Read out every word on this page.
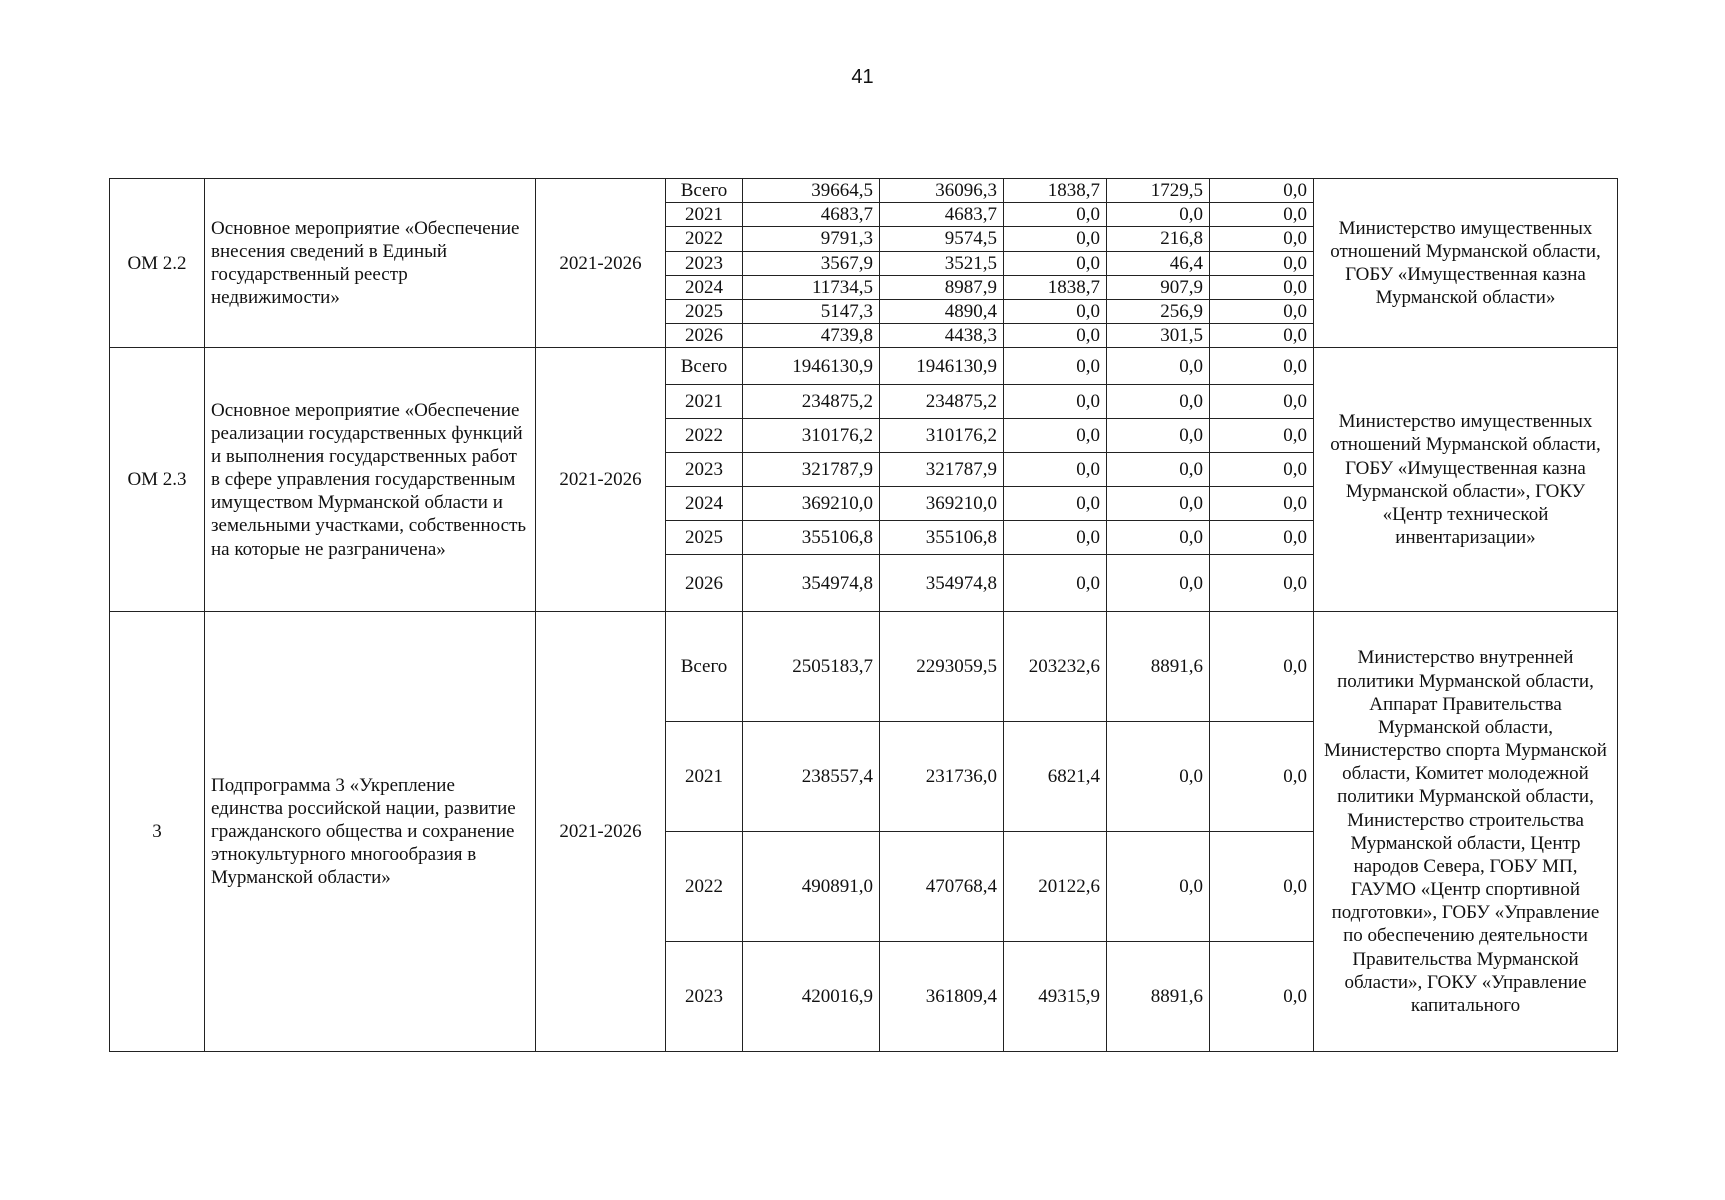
41
ОМ 2.2	Основное мероприятие «Обеспечение внесения сведений в Единый государственный реестр недвижимости»	2021-2026	Всего	39664,5	36096,3	1838,7	1729,5	0,0	Министерство имущественных отношений Мурманской области, ГОБУ «Имущественная казна Мурманской области»
			2021	4683,7	4683,7	0,0	0,0	0,0	
			2022	9791,3	9574,5	0,0	216,8	0,0	
			2023	3567,9	3521,5	0,0	46,4	0,0	
			2024	11734,5	8987,9	1838,7	907,9	0,0	
			2025	5147,3	4890,4	0,0	256,9	0,0	
			2026	4739,8	4438,3	0,0	301,5	0,0	
ОМ 2.3	Основное мероприятие «Обеспечение реализации государственных функций и выполнения государственных работ в сфере управления государственным имуществом Мурманской области и земельными участками, собственность на которые не разграничена»	2021-2026	Всего	1946130,9	1946130,9	0,0	0,0	0,0	Министерство имущественных отношений Мурманской области, ГОБУ «Имущественная казна Мурманской области», ГОКУ «Центр технической инвентаризации»
			2021	234875,2	234875,2	0,0	0,0	0,0	
			2022	310176,2	310176,2	0,0	0,0	0,0	
			2023	321787,9	321787,9	0,0	0,0	0,0	
			2024	369210,0	369210,0	0,0	0,0	0,0	
			2025	355106,8	355106,8	0,0	0,0	0,0	
			2026	354974,8	354974,8	0,0	0,0	0,0	
3	Подпрограмма 3 «Укрепление единства российской нации, развитие гражданского общества и сохранение этнокультурного многообразия в Мурманской области»	2021-2026	Всего	2505183,7	2293059,5	203232,6	8891,6	0,0	Министерство внутренней политики Мурманской области, Аппарат Правительства Мурманской области, Министерство спорта Мурманской области, Комитет молодежной политики Мурманской области, Министерство строительства Мурманской области, Центр народов Севера, ГОБУ МП, ГАУМО «Центр спортивной подготовки», ГОБУ «Управление по обеспечению деятельности Правительства Мурманской области», ГОКУ «Управление капитального
			2021	238557,4	231736,0	6821,4	0,0	0,0	
			2022	490891,0	470768,4	20122,6	0,0	0,0	
			2023	420016,9	361809,4	49315,9	8891,6	0,0	
